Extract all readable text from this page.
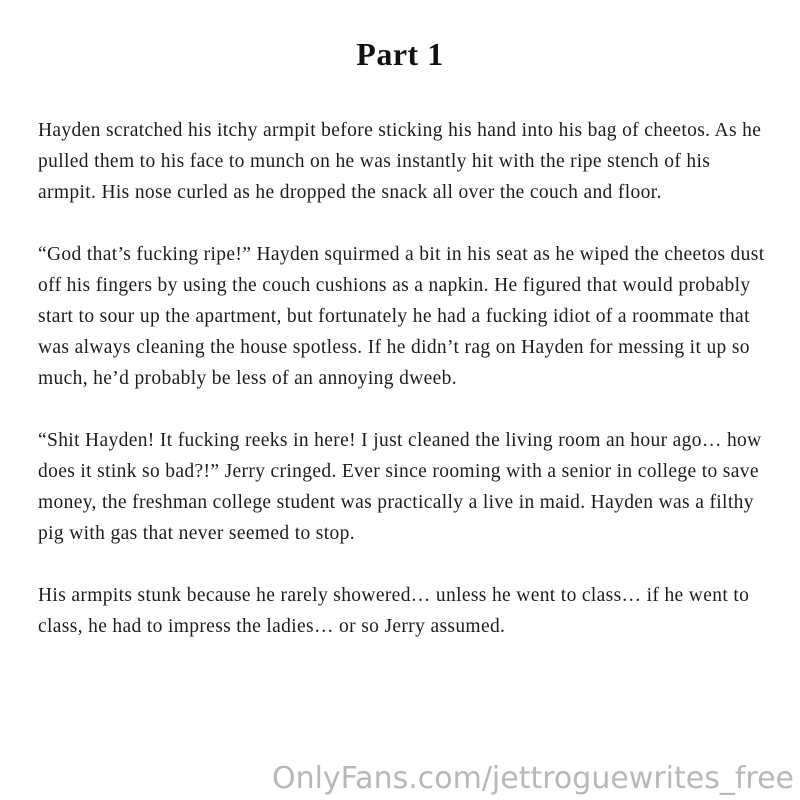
Part 1

Hayden scratched his itchy armpit before sticking his hand into his bag of cheetos. As he pulled them to his face to munch on he was instantly hit with the ripe stench of his armpit. His nose curled as he dropped the snack all over the couch and floor.

“God that’s fucking ripe!” Hayden squirmed a bit in his seat as he wiped the cheetos dust off his fingers by using the couch cushions as a napkin. He figured that would probably start to sour up the apartment, but fortunately he had a fucking idiot of a roommate that was always cleaning the house spotless. If he didn’t rag on Hayden for messing it up so much, he’d probably be less of an annoying dweeb.

“Shit Hayden! It fucking reeks in here! I just cleaned the living room an hour ago… how does it stink so bad?!” Jerry cringed. Ever since rooming with a senior in college to save money, the freshman college student was practically a live in maid. Hayden was a filthy pig with gas that never seemed to stop.

His armpits stunk because he rarely showered… unless he went to class… if he went to class, he had to impress the ladies… or so Jerry assumed.

OnlyFans.com/jettroguewrites_free
